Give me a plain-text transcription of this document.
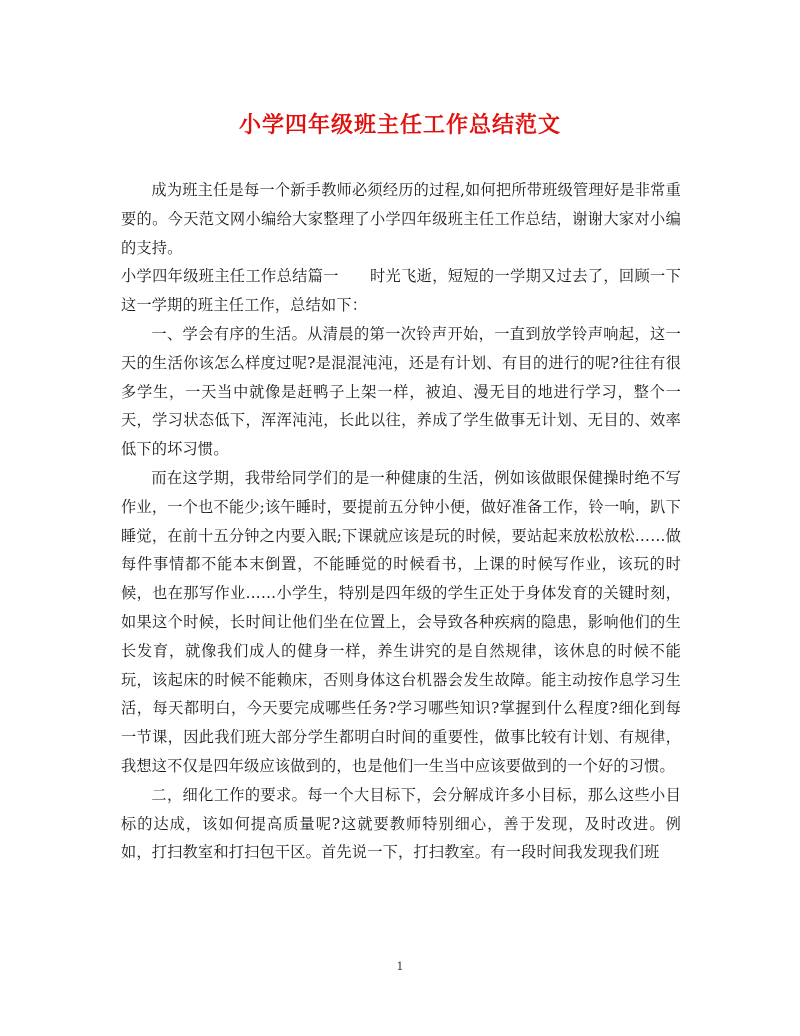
小学四年级班主任工作总结范文

成为班主任是每一个新手教师必须经历的过程,如何把所带班级管理好是非常重要的。今天范文网小编给大家整理了小学四年级班主任工作总结，谢谢大家对小编的支持。

小学四年级班主任工作总结篇一　　时光飞逝，短短的一学期又过去了，回顾一下这一学期的班主任工作，总结如下：

一、学会有序的生活。从清晨的第一次铃声开始，一直到放学铃声响起，这一天的生活你该怎么样度过呢?是混混沌沌，还是有计划、有目的进行的呢?往往有很多学生，一天当中就像是赶鸭子上架一样，被迫、漫无目的地进行学习，整个一天，学习状态低下，浑浑沌沌，长此以往，养成了学生做事无计划、无目的、效率低下的坏习惯。

而在这学期，我带给同学们的是一种健康的生活，例如该做眼保健操时绝不写作业，一个也不能少;该午睡时，要提前五分钟小便，做好准备工作，铃一响，趴下睡觉，在前十五分钟之内要入眠;下课就应该是玩的时候，要站起来放松放松……做每件事情都不能本末倒置，不能睡觉的时候看书，上课的时候写作业，该玩的时候，也在那写作业……小学生，特别是四年级的学生正处于身体发育的关键时刻，如果这个时候，长时间让他们坐在位置上，会导致各种疾病的隐患，影响他们的生长发育，就像我们成人的健身一样，养生讲究的是自然规律，该休息的时候不能玩，该起床的时候不能赖床，否则身体这台机器会发生故障。能主动按作息学习生活，每天都明白，今天要完成哪些任务?学习哪些知识?掌握到什么程度?细化到每一节课，因此我们班大部分学生都明白时间的重要性，做事比较有计划、有规律，我想这不仅是四年级应该做到的，也是他们一生当中应该要做到的一个好的习惯。

二，细化工作的要求。每一个大目标下，会分解成许多小目标，那么这些小目标的达成，该如何提高质量呢?这就要教师特别细心，善于发现，及时改进。例如，打扫教室和打扫包干区。首先说一下，打扫教室。有一段时间我发现我们班

1
